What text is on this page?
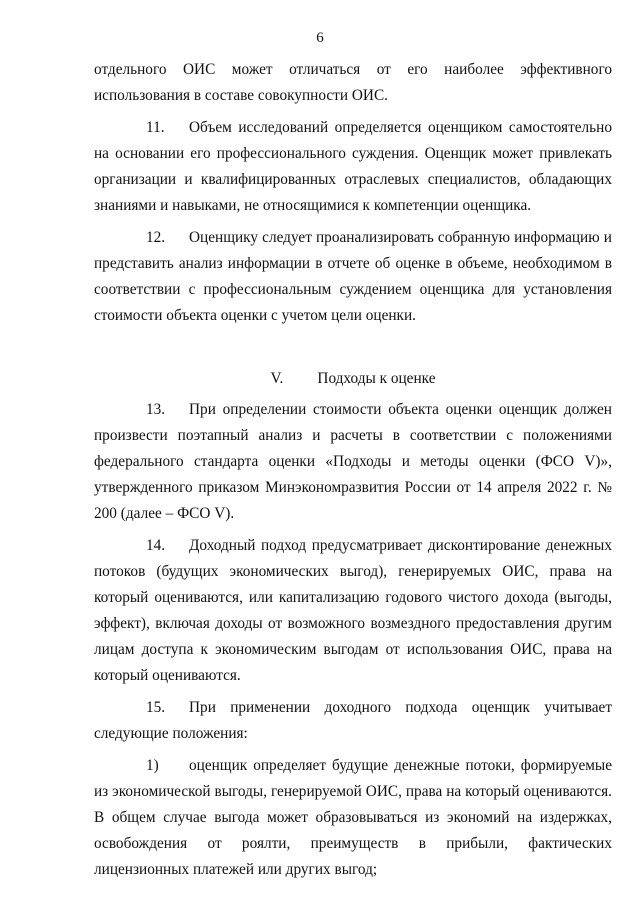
6

отдельного ОИС может отличаться от его наиболее эффективного использования в составе совокупности ОИС.

11. Объем исследований определяется оценщиком самостоятельно на основании его профессионального суждения. Оценщик может привлекать организации и квалифицированных отраслевых специалистов, обладающих знаниями и навыками, не относящимися к компетенции оценщика.

12. Оценщику следует проанализировать собранную информацию и представить анализ информации в отчете об оценке в объеме, необходимом в соответствии с профессиональным суждением оценщика для установления стоимости объекта оценки с учетом цели оценки.

V. Подходы к оценке

13. При определении стоимости объекта оценки оценщик должен произвести поэтапный анализ и расчеты в соответствии с положениями федерального стандарта оценки «Подходы и методы оценки (ФСО V)», утвержденного приказом Минэкономразвития России от 14 апреля 2022 г. № 200 (далее – ФСО V).

14. Доходный подход предусматривает дисконтирование денежных потоков (будущих экономических выгод), генерируемых ОИС, права на который оцениваются, или капитализацию годового чистого дохода (выгоды, эффект), включая доходы от возможного возмездного предоставления другим лицам доступа к экономическим выгодам от использования ОИС, права на который оцениваются.

15. При применении доходного подхода оценщик учитывает следующие положения:

1) оценщик определяет будущие денежные потоки, формируемые из экономической выгоды, генерируемой ОИС, права на который оцениваются. В общем случае выгода может образовываться из экономий на издержках, освобождения от роялти, преимуществ в прибыли, фактических лицензионных платежей или других выгод;
